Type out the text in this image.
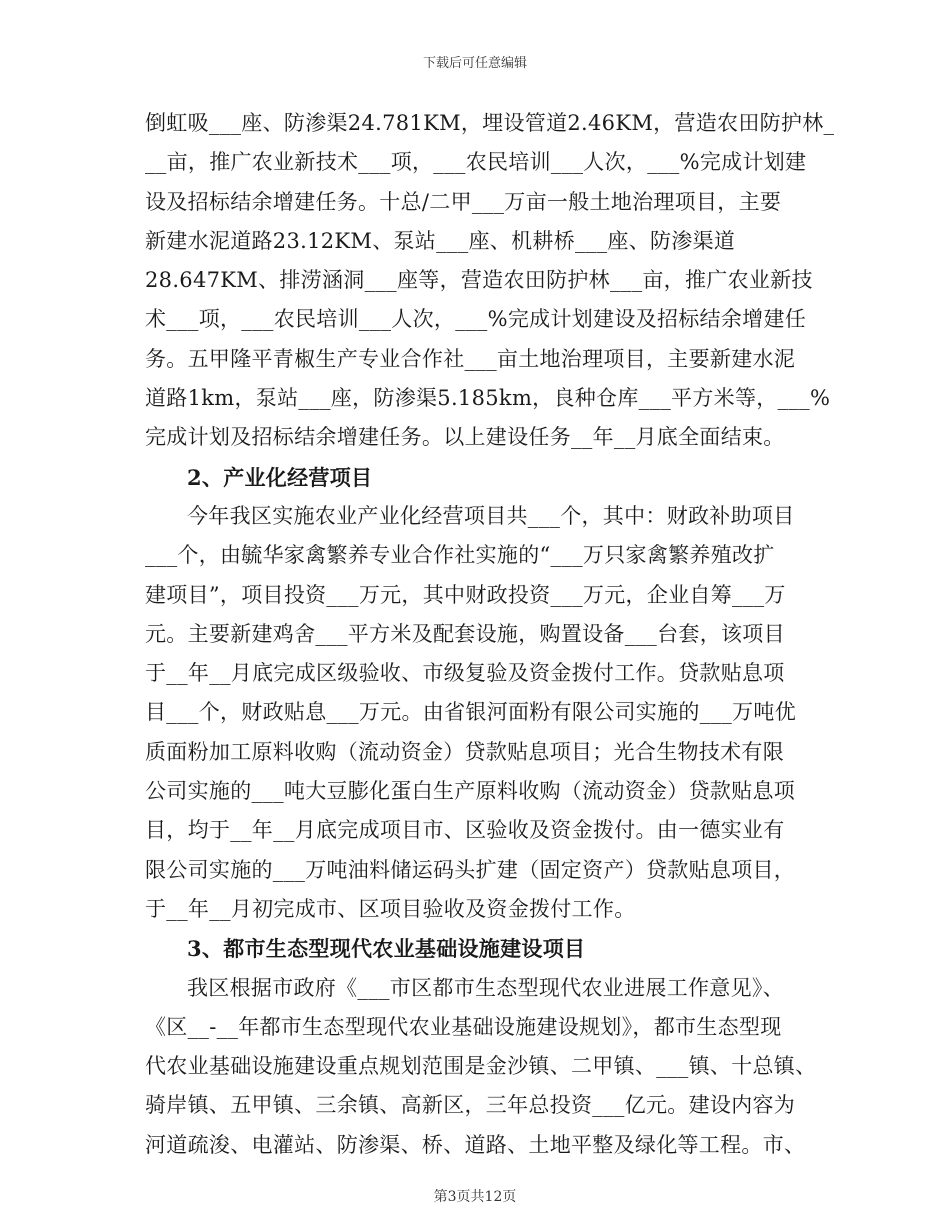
下载后可任意编辑
倒虹吸___座、防渗渠24.781KM，埋设管道2.46KM，营造农田防护林_
__亩，推广农业新技术___项，___农民培训___人次，___%完成计划建
设及招标结余增建任务。十总/二甲___万亩一般土地治理项目，主要
新建水泥道路23.12KM、泵站___座、机耕桥___座、防渗渠道
28.647KM、排涝涵洞___座等，营造农田防护林___亩，推广农业新技
术___项，___农民培训___人次，___%完成计划建设及招标结余增建任
务。五甲隆平青椒生产专业合作社___亩土地治理项目，主要新建水泥
道路1km，泵站___座，防渗渠5.185km，良种仓库___平方米等，___%
完成计划及招标结余增建任务。以上建设任务__年__月底全面结束。
2、产业化经营项目
今年我区实施农业产业化经营项目共___个，其中：财政补助项目
___个，由毓华家禽繁养专业合作社实施的“___万只家禽繁养殖改扩
建项目”，项目投资___万元，其中财政投资___万元，企业自筹___万
元。主要新建鸡舍___平方米及配套设施，购置设备___台套，该项目
于__年__月底完成区级验收、市级复验及资金拨付工作。贷款贴息项
目___个，财政贴息___万元。由省银河面粉有限公司实施的___万吨优
质面粉加工原料收购（流动资金）贷款贴息项目；光合生物技术有限
公司实施的___吨大豆膨化蛋白生产原料收购（流动资金）贷款贴息项
目，均于__年__月底完成项目市、区验收及资金拨付。由一德实业有
限公司实施的___万吨油料储运码头扩建（固定资产）贷款贴息项目，
于__年__月初完成市、区项目验收及资金拨付工作。
3、都市生态型现代农业基础设施建设项目
我区根据市政府《___市区都市生态型现代农业进展工作意见》、
《区__-__年都市生态型现代农业基础设施建设规划》，都市生态型现
代农业基础设施建设重点规划范围是金沙镇、二甲镇、___镇、十总镇、
骑岸镇、五甲镇、三余镇、高新区，三年总投资___亿元。建设内容为
河道疏浚、电灌站、防渗渠、桥、道路、土地平整及绿化等工程。市、
第3页共12页
